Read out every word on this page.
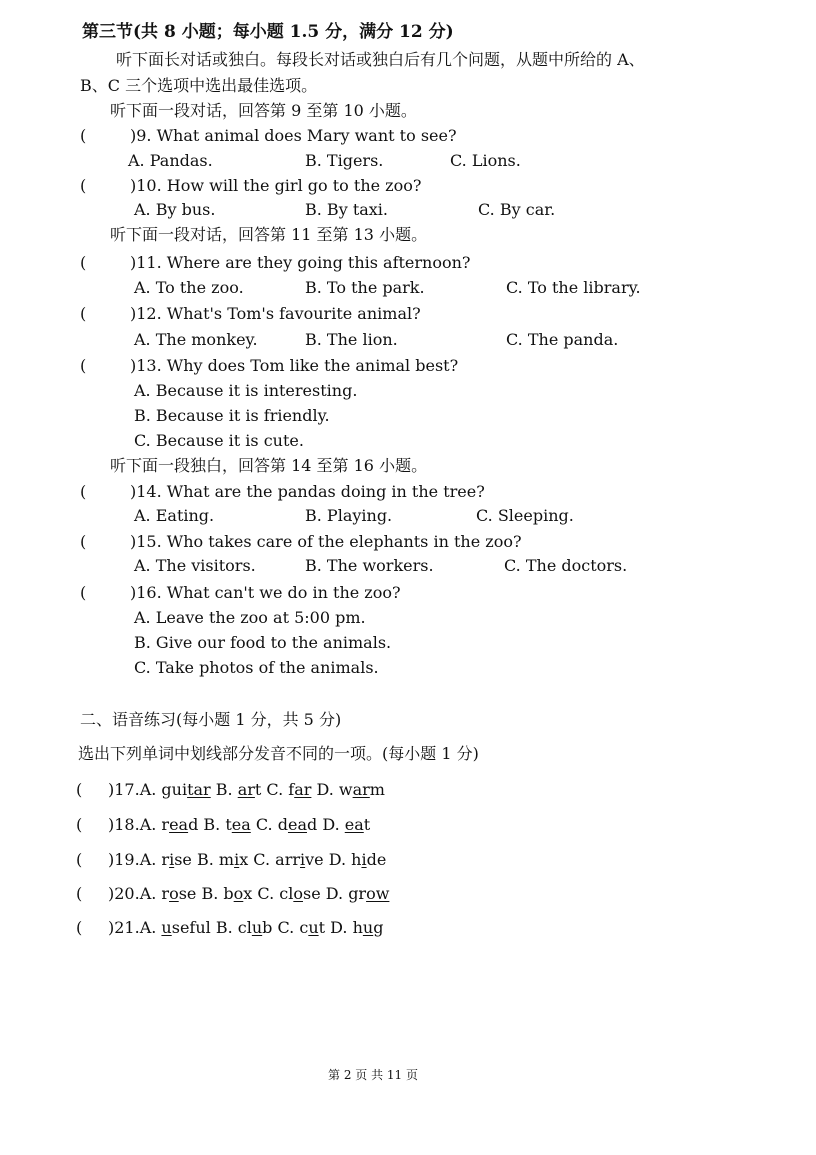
第三节(共 8 小题；每小题 1.5 分，满分 12 分)
听下面长对话或独白。每段长对话或独白后有几个问题，从题中所给的 A、
B、C 三个选项中选出最佳选项。
听下面一段对话，回答第 9 至第 10 小题。
(	)9. What animal does Mary want to see?
A. Pandas.	B. Tigers.	C. Lions.
(	)10. How will the girl go to the zoo?
A. By bus.	B. By taxi.	C. By car.
听下面一段对话，回答第 11 至第 13 小题。
(	)11. Where are they going this afternoon?
A. To the zoo.	B. To the park.	C. To the library.
(	)12. What's Tom's favourite animal?
A. The monkey.	B. The lion.	C. The panda.
(	)13. Why does Tom like the animal best?
A. Because it is interesting.
B. Because it is friendly.
C. Because it is cute.
听下面一段独白，回答第 14 至第 16 小题。
(	)14. What are the pandas doing in the tree?
A. Eating.	B. Playing.	C. Sleeping.
(	)15. Who takes care of the elephants in the zoo?
A. The visitors.	B. The workers.	C. The doctors.
(	)16. What can't we do in the zoo?
A. Leave the zoo at 5:00 pm.
B. Give our food to the animals.
C. Take photos of the animals.
二、语音练习(每小题 1 分，共 5 分)
选出下列单词中划线部分发音不同的一项。(每小题 1 分)
( )17.A. guitar B. art C. far D. warm
( )18.A. read B. tea C. dead D. eat
( )19.A. rise B. mix C. arrive D. hide
( )20.A. rose B. box C. close D. grow
( )21.A. useful B. club C. cut D. hug
第 2 页 共 11 页
